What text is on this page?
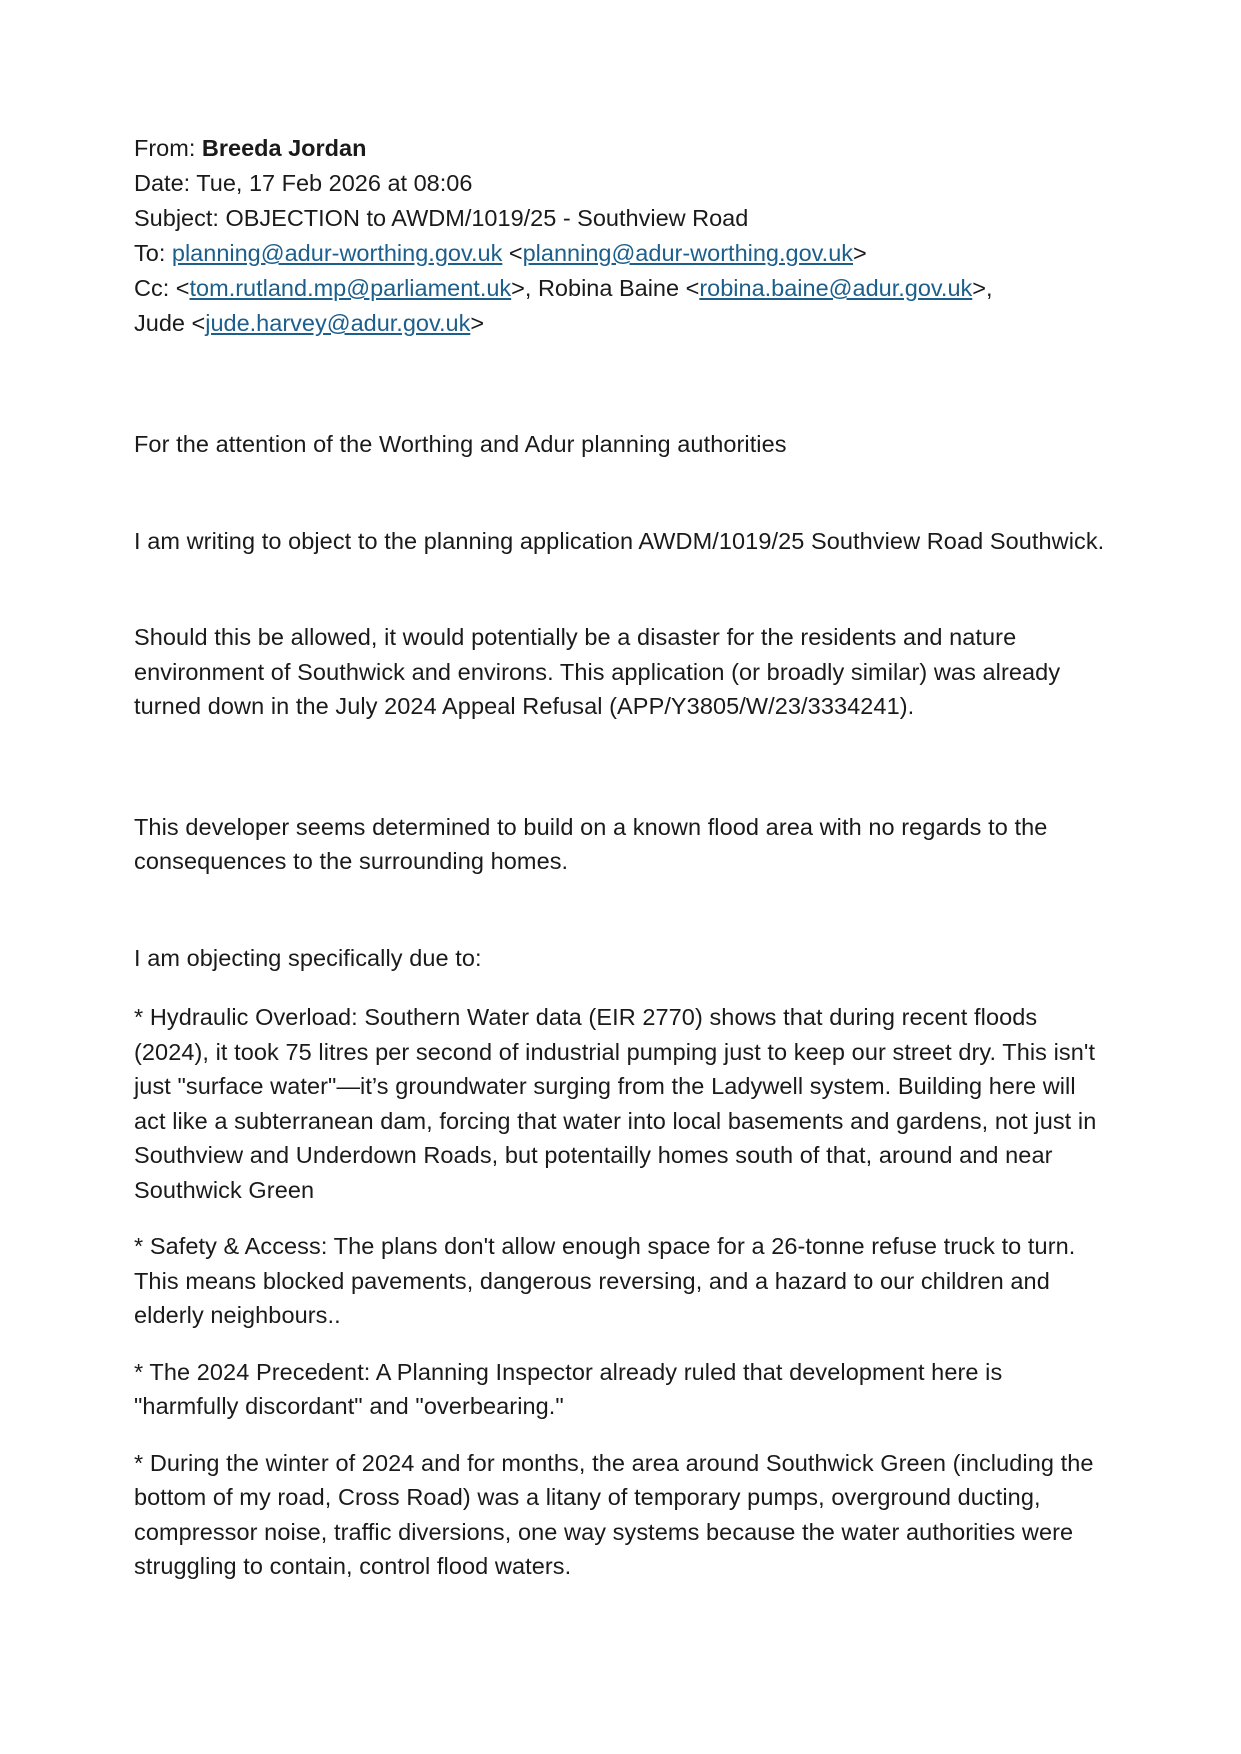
From: Breeda Jordan
Date: Tue, 17 Feb 2026 at 08:06
Subject: OBJECTION to AWDM/1019/25 - Southview Road
To: planning@adur-worthing.gov.uk <planning@adur-worthing.gov.uk>
Cc: <tom.rutland.mp@parliament.uk>, Robina Baine <robina.baine@adur.gov.uk>,
Jude <jude.harvey@adur.gov.uk>

For the attention of the Worthing and Adur planning authorities

I am writing to object to the planning application AWDM/1019/25 Southview Road Southwick.

Should this be allowed, it would potentially be a disaster for the residents and nature environment of Southwick and environs. This application (or broadly similar) was already turned down in the July 2024 Appeal Refusal (APP/Y3805/W/23/3334241).

This developer seems determined to build on a known flood area with no regards to the consequences to the surrounding homes.

I am objecting specifically due to:

* Hydraulic Overload: Southern Water data (EIR 2770) shows that during recent floods (2024), it took 75 litres per second of industrial pumping just to keep our street dry. This isn't just "surface water"—it’s groundwater surging from the Ladywell system. Building here will act like a subterranean dam, forcing that water into local basements and gardens, not just in Southview and Underdown Roads, but potentailly homes south of that, around and near Southwick Green

* Safety & Access: The plans don't allow enough space for a 26-tonne refuse truck to turn. This means blocked pavements, dangerous reversing, and a hazard to our children and elderly neighbours..

* The 2024 Precedent: A Planning Inspector already ruled that development here is "harmfully discordant" and "overbearing."

* During the winter of 2024 and for months, the area around Southwick Green (including the bottom of my road, Cross Road) was a litany of temporary pumps, overground ducting, compressor noise, traffic diversions, one way systems because the water authorities were struggling to contain, control flood waters.
